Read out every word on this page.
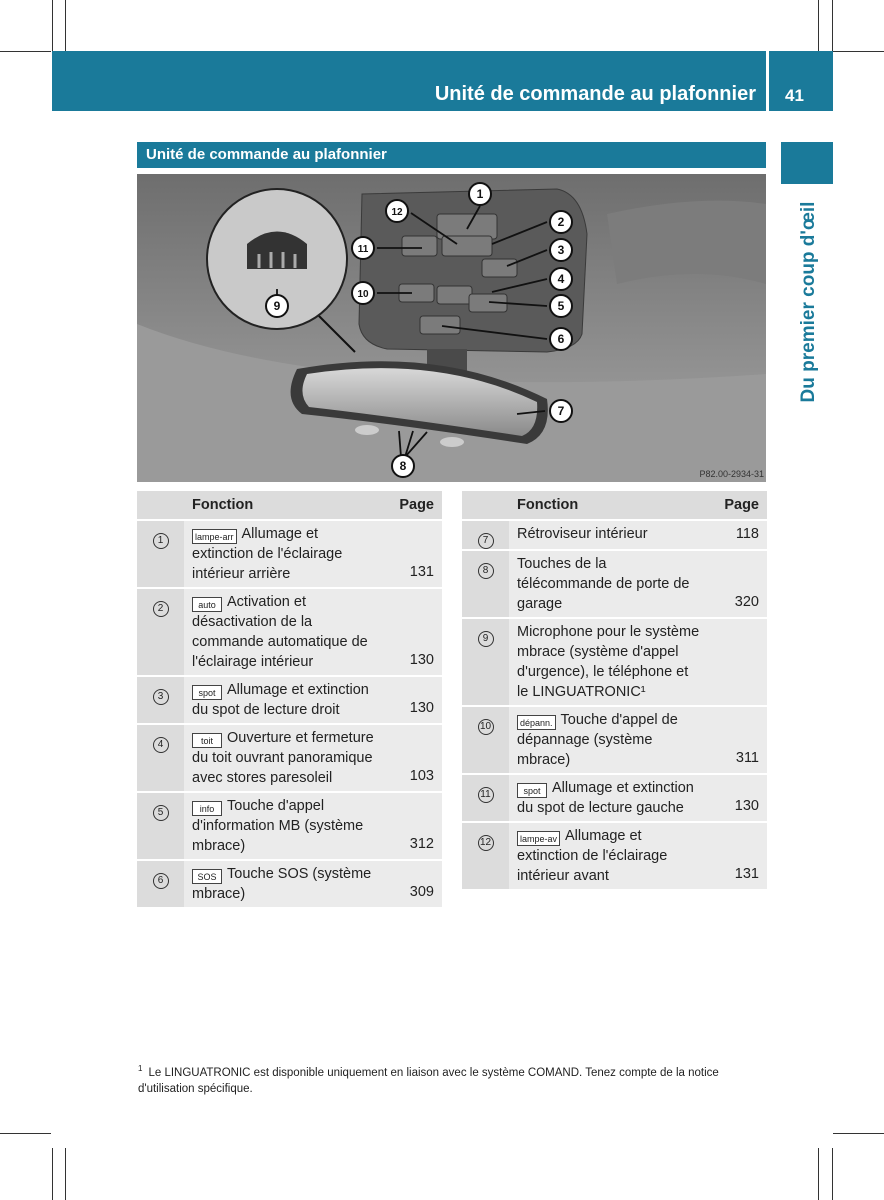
Unité de commande au plafonnier 41
Du premier coup d'œil
Unité de commande au plafonnier
1
2
3
4
5
6
7
8
9
10
11
12
P82.00-2934-31
	Fonction	Page
1	lampe-arr Allumage et extinction de l'éclairage intérieur arrière	131
2	auto Activation et désactivation de la commande automatique de l'éclairage intérieur	130
3	spot Allumage et extinction du spot de lecture droit	130
4	toit Ouverture et fermeture du toit ouvrant panoramique avec stores paresoleil	103
5	info Touche d'appel d'information MB (système mbrace)	312
6	SOS Touche SOS (système mbrace)	309
	Fonction	Page
7	Rétroviseur intérieur	118
8	Touches de la télécommande de porte de garage	320
9	Microphone pour le système mbrace (système d'appel d'urgence), le téléphone et le LINGUATRONIC¹	
10	dépann. Touche d'appel de dépannage (système mbrace)	311
11	spot Allumage et extinction du spot de lecture gauche	130
12	lampe-av Allumage et extinction de l'éclairage intérieur avant	131
$^1$ Le LINGUATRONIC est disponible uniquement en liaison avec le système COMAND. Tenez compte de la notice d'utilisation spécifique.
